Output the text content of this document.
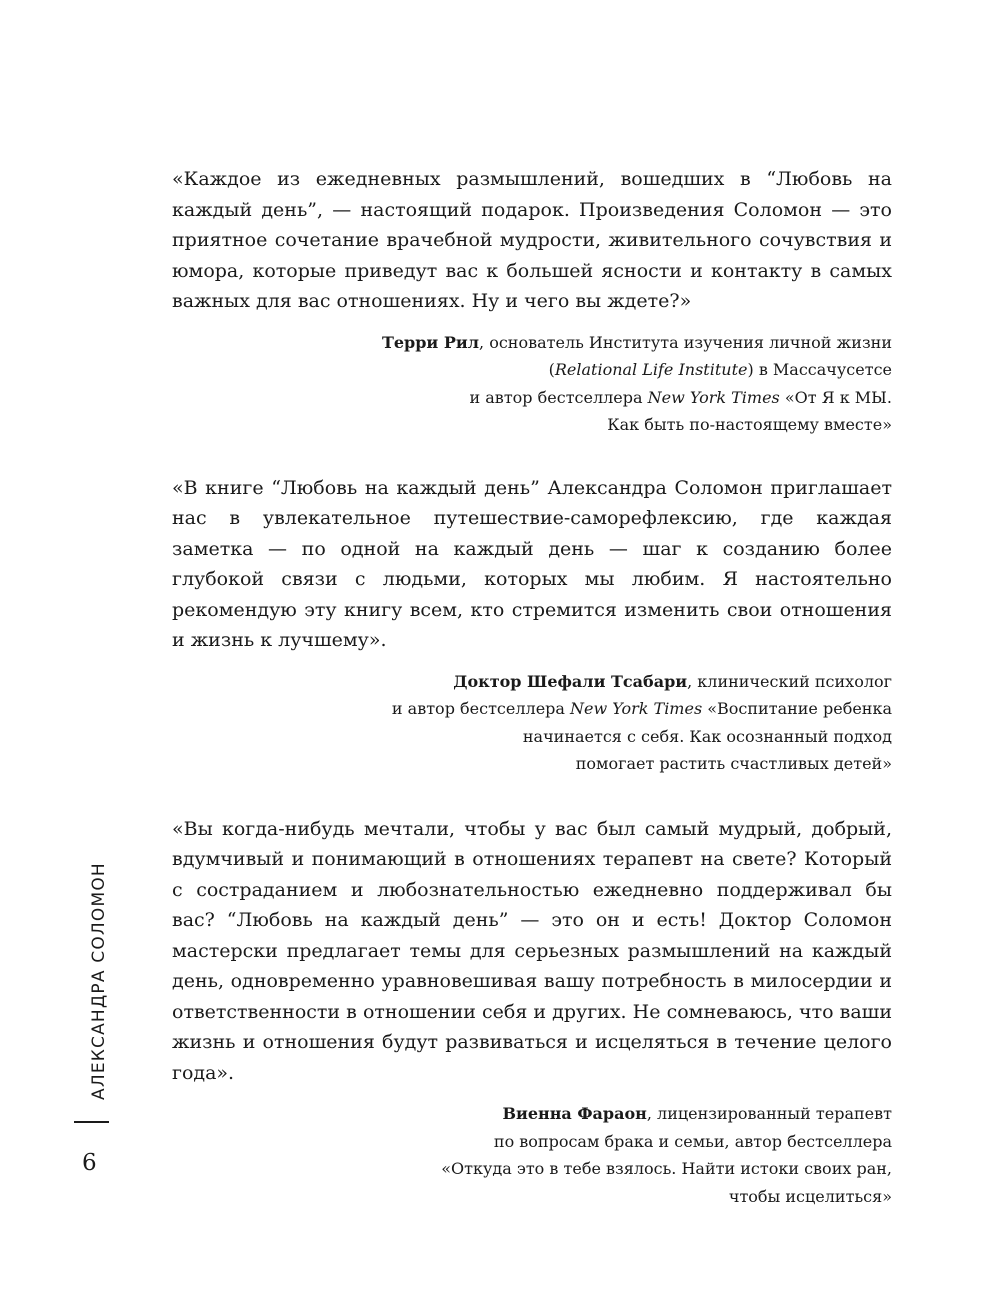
«Каждое из ежедневных размышлений, вошедших в “Любовь на каждый день”, — настоящий подарок. Произведения Соломон — это приятное сочетание врачебной мудрости, живительного сочувствия и юмора, которые приведут вас к большей ясности и контакту в самых важных для вас отношениях. Ну и чего вы ждете?»

Терри Рил, основатель Института изучения личной жизни
(Relational Life Institute) в Массачусетсе
и автор бестселлера New York Times «От Я к МЫ.
Как быть по-настоящему вместе»

«В книге “Любовь на каждый день” Александра Соломон приглашает нас в увлекательное путешествие-саморефлексию, где каждая заметка — по одной на каждый день — шаг к созданию более глубокой связи с людьми, которых мы любим. Я настоятельно рекомендую эту книгу всем, кто стремится изменить свои отношения и жизнь к лучшему».

Доктор Шефали Тсабари, клинический психолог
и автор бестселлера New York Times «Воспитание ребенка
начинается с себя. Как осознанный подход
помогает растить счастливых детей»

«Вы когда-нибудь мечтали, чтобы у вас был самый мудрый, добрый, вдумчивый и понимающий в отношениях терапевт на свете? Который с состраданием и любознательностью ежедневно поддерживал бы вас? “Любовь на каждый день” — это он и есть! Доктор Соломон мастерски предлагает темы для серьезных размышлений на каждый день, одновременно уравновешивая вашу потребность в милосердии и ответственности в отношении себя и других. Не сомневаюсь, что ваши жизнь и отношения будут развиваться и исцеляться в течение целого года».

Виенна Фараон, лицензированный терапевт
по вопросам брака и семьи, автор бестселлера
«Откуда это в тебе взялось. Найти истоки своих ран,
чтобы исцелиться»
АЛЕКСАНДРА СОЛОМОН
6
